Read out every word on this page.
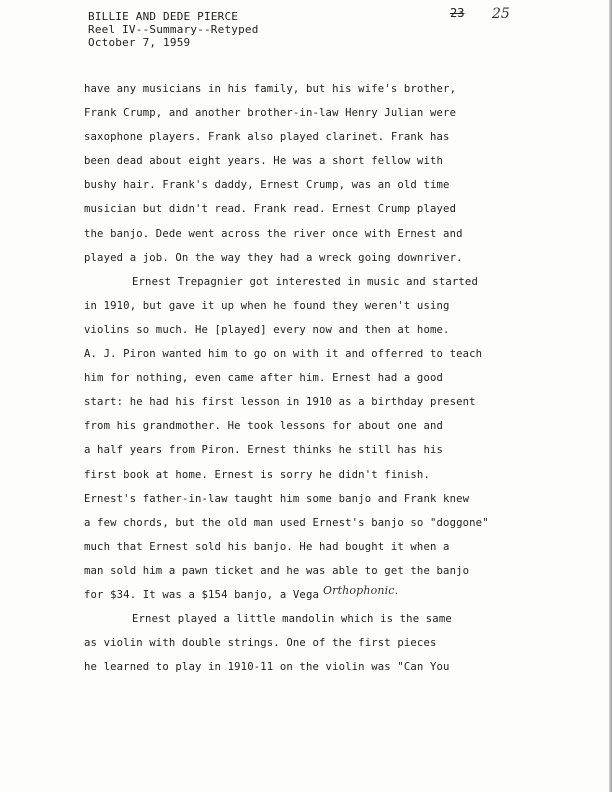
BILLIE AND DEDE PIERCE
Reel IV--Summary--Retyped
October 7, 1959
23 25
have any musicians in his family, but his wife's brother,
Frank Crump, and another brother-in-law Henry Julian were
saxophone players. Frank also played clarinet. Frank has
been dead about eight years. He was a short fellow with
bushy hair. Frank's daddy, Ernest Crump, was an old time
musician but didn't read. Frank read. Ernest Crump played
the banjo. Dede went across the river once with Ernest and
played a job. On the way they had a wreck going downriver.
Ernest Trepagnier got interested in music and started
in 1910, but gave it up when he found they weren't using
violins so much. He [played] every now and then at home.
A. J. Piron wanted him to go on with it and offerred to teach
him for nothing, even came after him. Ernest had a good
start: he had his first lesson in 1910 as a birthday present
from his grandmother. He took lessons for about one and
a half years from Piron. Ernest thinks he still has his
first book at home. Ernest is sorry he didn't finish.
Ernest's father-in-law taught him some banjo and Frank knew
a few chords, but the old man used Ernest's banjo so "doggone"
much that Ernest sold his banjo. He had bought it when a
man sold him a pawn ticket and he was able to get the banjo
for $34. It was a $154 banjo, a Vega Orthophonic.
Ernest played a little mandolin which is the same
as violin with double strings. One of the first pieces
he learned to play in 1910-11 on the violin was "Can You
